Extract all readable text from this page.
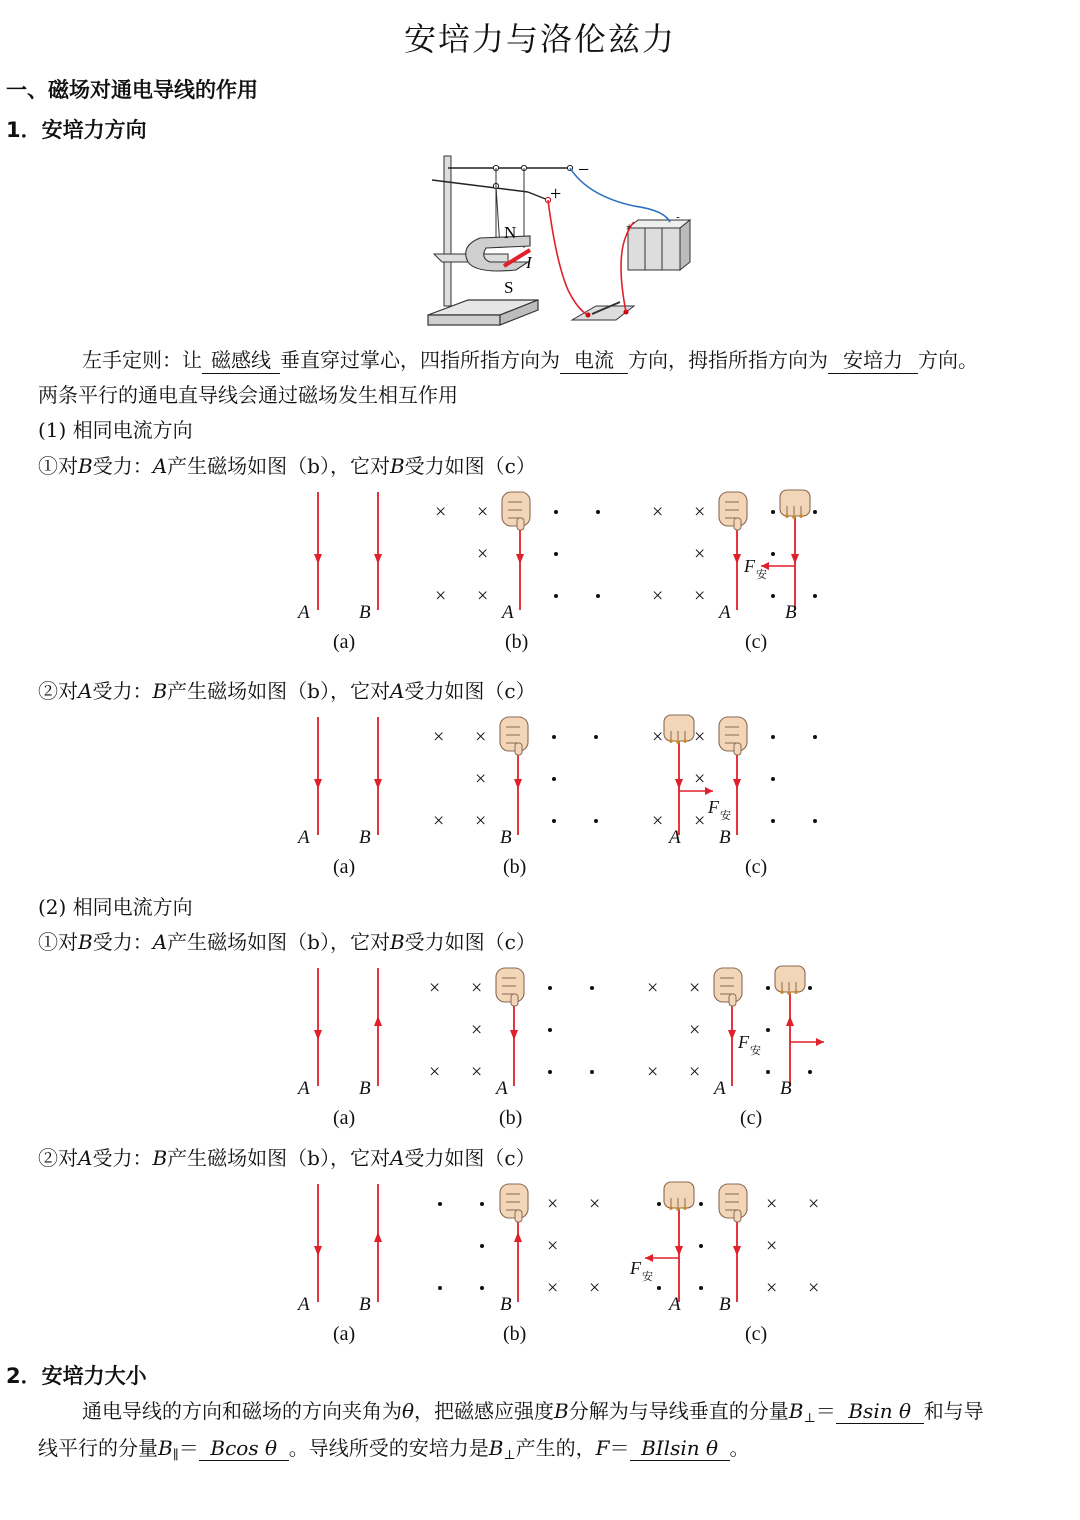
安培力与洛伦兹力
一、磁场对通电导线的作用
1．安培力方向
N
S
I
+
−
+
-
左手定则：让 磁感线 垂直穿过掌心，四指所指方向为 电流 方向，拇指所指方向为 安培力 方向。
两条平行的通电直导线会通过磁场发生相互作用
(1) 相同电流方向
①对B受力：A产生磁场如图（b），它对B受力如图（c）
A	B
× ×
×
× ×
A
× ×
×
× ×
F 安
A	B
(a)	(b)	(c)
②对A受力：B产生磁场如图（b），它对A受力如图（c）
A	B
× ×
×
× ×
B
× ×
×
× ×
F 安
B
A
(a)	(b)	(c)
(2) 相同电流方向
①对B受力：A产生磁场如图（b），它对B受力如图（c）
A	B
× ×
×
× ×
A
× ×
×
× ×
F 安
A	B
(a)	(b)	(c)
②对A受力：B产生磁场如图（b），它对A受力如图（c）
A	B
× ×
×
× ×
B
× ×
×
× ×
F 安
B
A
(a)	(b)	(c)
2．安培力大小
通电导线的方向和磁场的方向夹角为θ，把磁感应强度B分解为与导线垂直的分量$B_\perp= Bsin$ θ 和与导
线平行的分量$B_\parallel= Bcos$ θ 。导线所受的安培力是$B_\perp$产生的，F＝ BIlsin θ 。
